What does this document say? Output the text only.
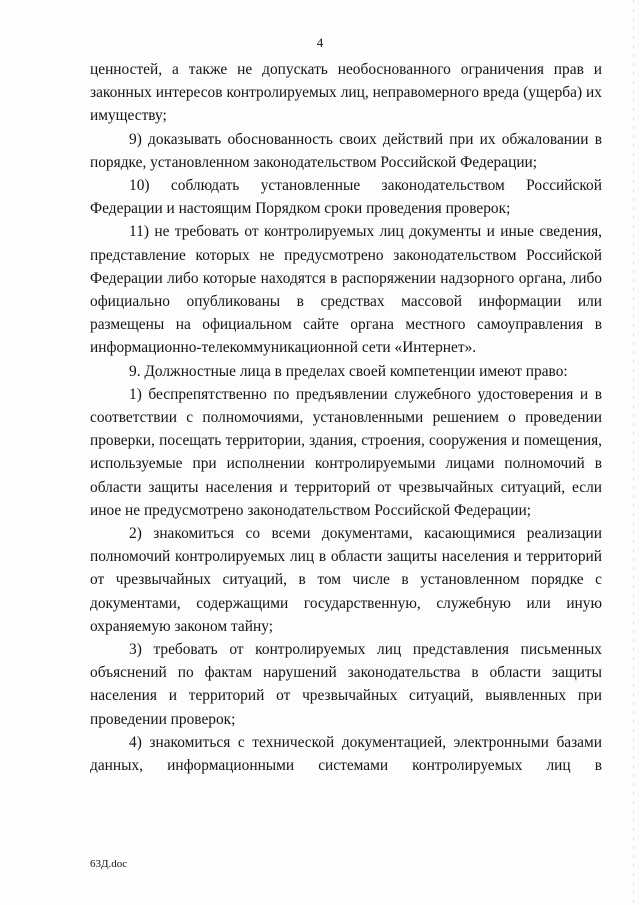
4

ценностей, а также не допускать необоснованного ограничения прав и законных интересов контролируемых лиц, неправомерного вреда (ущерба) их имуществу;

9) доказывать обоснованность своих действий при их обжаловании в порядке, установленном законодательством Российской Федерации;

10) соблюдать установленные законодательством Российской Федерации и настоящим Порядком сроки проведения проверок;

11) не требовать от контролируемых лиц документы и иные сведения, представление которых не предусмотрено законодательством Российской Федерации либо которые находятся в распоряжении надзорного органа, либо официально опубликованы в средствах массовой информации или размещены на официальном сайте органа местного самоуправления в информационно-телекоммуникационной сети «Интернет».

9. Должностные лица в пределах своей компетенции имеют право:

1) беспрепятственно по предъявлении служебного удостоверения и в соответствии с полномочиями, установленными решением о проведении проверки, посещать территории, здания, строения, сооружения и помещения, используемые при исполнении контролируемыми лицами полномочий в области защиты населения и территорий от чрезвычайных ситуаций, если иное не предусмотрено законодательством Российской Федерации;

2) знакомиться со всеми документами, касающимися реализации полномочий контролируемых лиц в области защиты населения и территорий от чрезвычайных ситуаций, в том числе в установленном порядке с документами, содержащими государственную, служебную или иную охраняемую законом тайну;

3) требовать от контролируемых лиц представления письменных объяснений по фактам нарушений законодательства в области защиты населения и территорий от чрезвычайных ситуаций, выявленных при проведении проверок;

4) знакомиться с технической документацией, электронными базами данных, информационными системами контролируемых лиц в

63Д.doc
